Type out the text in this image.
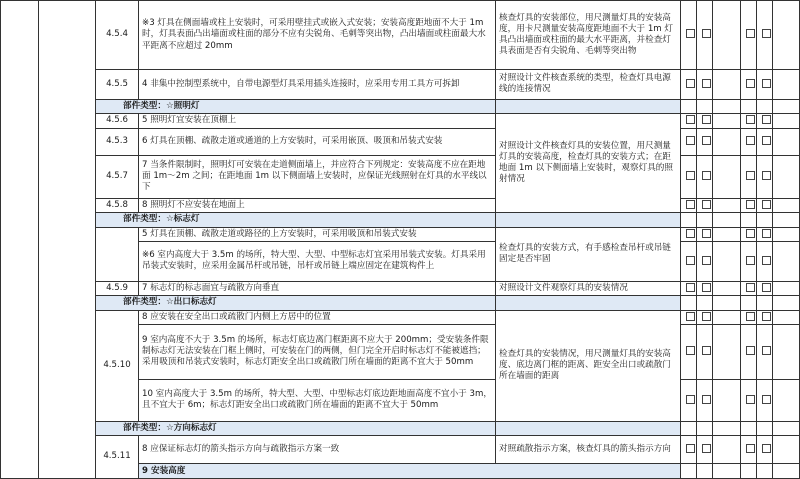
		4.5.4	※3 灯具在侧面墙或柱上安装时，可采用壁挂式或嵌入式安装；安装高度距地面不大于 1m 时，灯具表面凸出墙面或柱面的部分不应有尖锐角、毛刺等突出物，凸出墙面或柱面最大水平距离不应超过 20mm	核查灯具的安装部位，用尺测量灯具的安装高度，用卡尺测量安装高度距地面不大于 1m 灯具凸出墙面或柱面的最大水平距离，并检查灯具表面是否有尖锐角、毛刺等突出物						
		4.5.5	4 非集中控制型系统中，自带电源型灯具采用插头连接时，应采用专用工具方可拆卸	对照设计文件核查系统的类型，检查灯具电源线的连接情况						
		部件类型：☆照明灯								
		4.5.6	5 照明灯宜安装在顶棚上	对照设计文件核查灯具的安装位置，用尺测量灯具的安装高度，检查灯具的安装方式；在距地面 1m 以下侧面墙上安装时，观察灯具的照射情况						
		4.5.3	6 灯具在顶棚、疏散走道或通道的上方安装时，可采用嵌顶、吸顶和吊装式安装							
		4.5.7	7 当条件限制时，照明灯可安装在走道侧面墙上，并应符合下列规定：安装高度不应在距地面 1m～2m 之间；在距地面 1m 以下侧面墙上安装时，应保证光线照射在灯具的水平线以下							
		4.5.8	8 照明灯不应安装在地面上							
		部件类型：☆标志灯								
			5 灯具在顶棚、疏散走道或路径的上方安装时，可采用吸顶和吊装式安装	检查灯具的安装方式，有手感检查吊杆或吊链固定是否牢固						
			※6 室内高度大于 3.5m 的场所，特大型、大型、中型标志灯宜采用吊装式安装。灯具采用吊装式安装时，应采用金属吊杆或吊链，吊杆或吊链上端应固定在建筑构件上							
		4.5.9	7 标志灯的标志面宜与疏散方向垂直	对照设计文件观察灯具的安装情况						
		部件类型：☆出口标志灯								
		4.5.10	8 应安装在安全出口或疏散门内侧上方居中的位置	检查灯具的安装情况，用尺测量灯具的安装高度、底边离门框的距离、距安全出口或疏散门所在墙面的距离						
			9 室内高度不大于 3.5m 的场所，标志灯底边离门框距离不应大于 200mm；受安装条件限制标志灯无法安装在门框上侧时，可安装在门的两侧，但门完全开启时标志灯不能被遮挡；采用吸顶和吊装式安装时，标志灯距安全出口或疏散门所在墙面的距离不宜大于 50mm							
			10 室内高度大于 3.5m 的场所，特大型、大型、中型标志灯底边距地面高度不宜小于 3m，且不宜大于 6m；标志灯距安全出口或疏散门所在墙面的距离不宜大于 50mm							
		部件类型：☆方向标志灯								
		4.5.11	8 应保证标志灯的箭头指示方向与疏散指示方案一致	对照疏散指示方案，核查灯具的箭头指示方向						
			9 安装高度							
